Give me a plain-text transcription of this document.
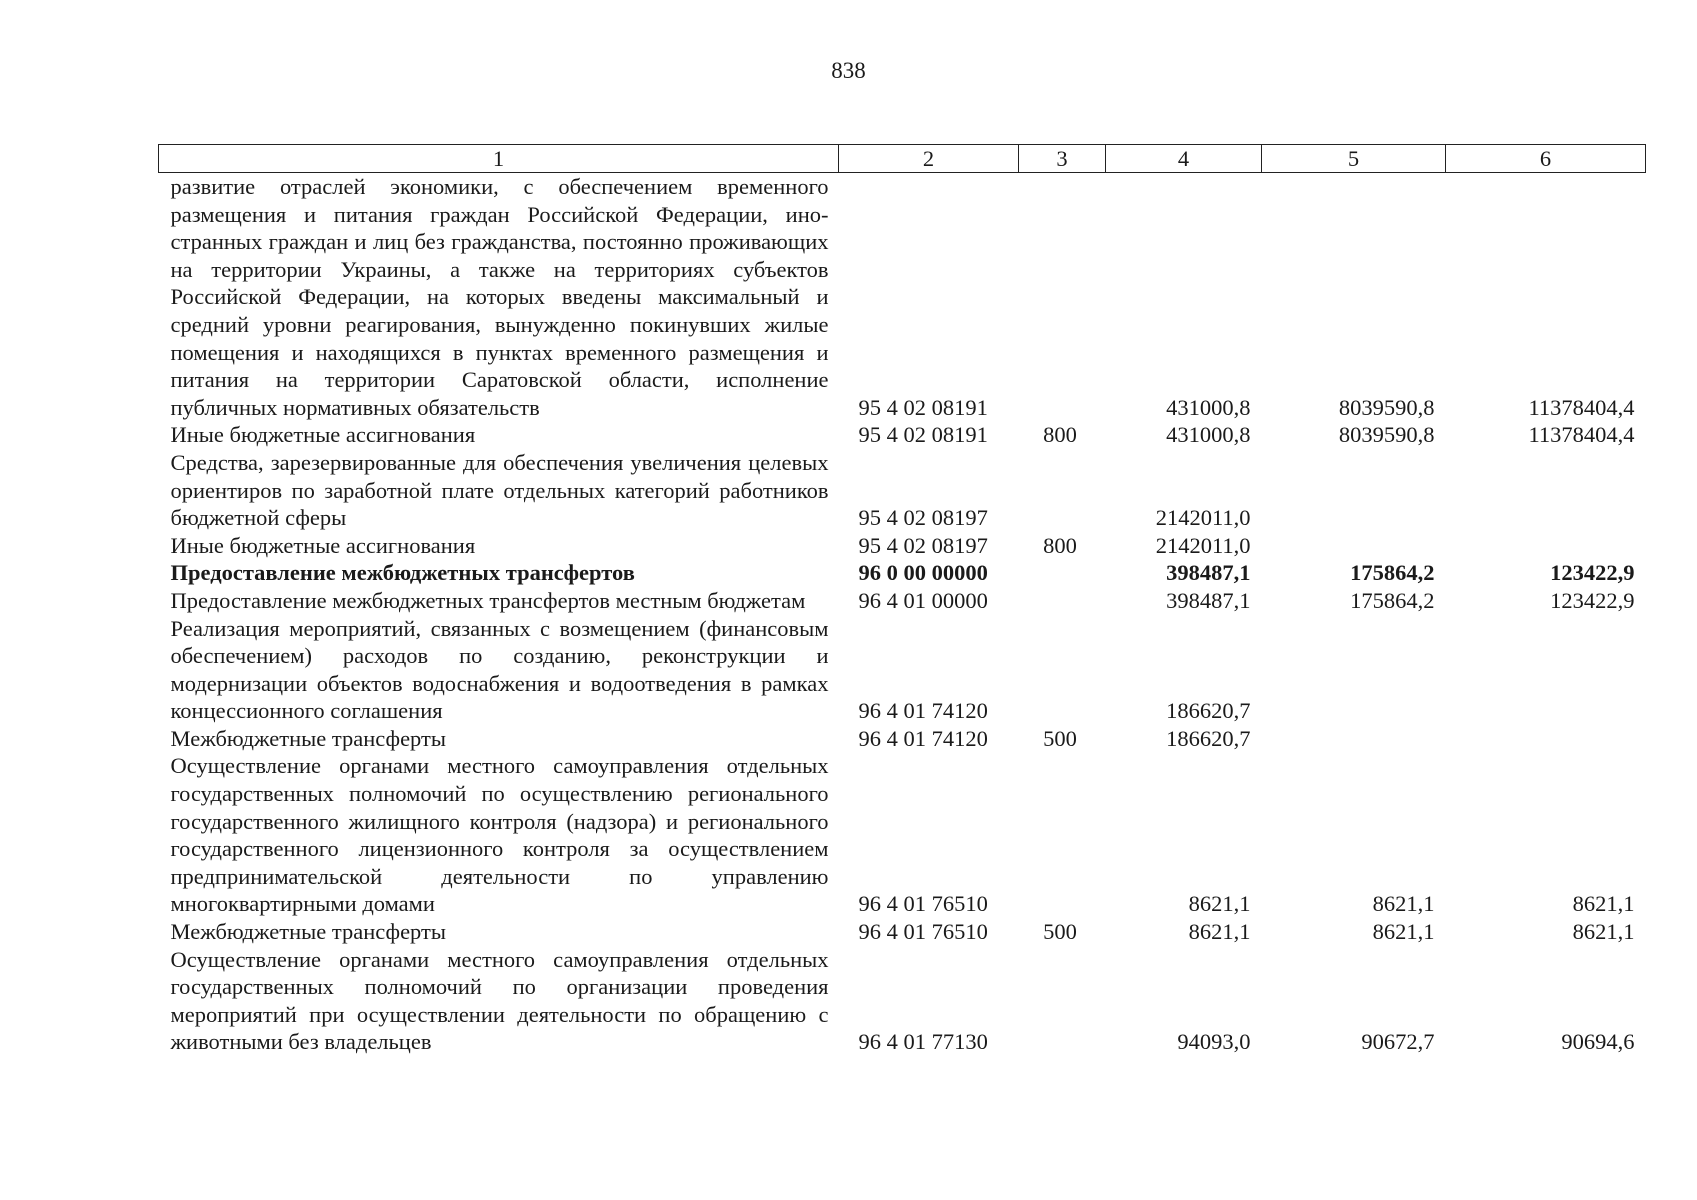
838
1	2	3	4	5	6
развитие отраслей экономики, с обеспечением временного размещения и питания граждан Российской Федерации, иностранных граждан и лиц без гражданства, постоянно проживающих на территории Украины, а также на территориях субъектов Российской Федерации, на которых введены максимальный и средний уровни реагирования, вынужденно покинувших жилые помещения и находящихся в пунктах временного размещения и питания на территории Саратовской области, исполнение публичных нормативных обязательств	95 4 02 08191		431000,8	8039590,8	11378404,4
Иные бюджетные ассигнования	95 4 02 08191	800	431000,8	8039590,8	11378404,4
Средства, зарезервированные для обеспечения увеличения целевых ориентиров по заработной плате отдельных категорий работников бюджетной сферы	95 4 02 08197		2142011,0		
Иные бюджетные ассигнования	95 4 02 08197	800	2142011,0		
Предоставление межбюджетных трансфертов	96 0 00 00000		398487,1	175864,2	123422,9
Предоставление межбюджетных трансфертов местным бюджетам	96 4 01 00000		398487,1	175864,2	123422,9
Реализация мероприятий, связанных с возмещением (финансовым обеспечением) расходов по созданию, реконструкции и модернизации объектов водоснабжения и водоотведения в рамках концессионного соглашения	96 4 01 74120		186620,7		
Межбюджетные трансферты	96 4 01 74120	500	186620,7		
Осуществление органами местного самоуправления отдельных государственных полномочий по осуществлению регионального государственного жилищного контроля (надзора) и регионального государственного лицензионного контроля за осуществлением предпринимательской деятельности по управлению многоквартирными домами	96 4 01 76510		8621,1	8621,1	8621,1
Межбюджетные трансферты	96 4 01 76510	500	8621,1	8621,1	8621,1
Осуществление органами местного самоуправления отдельных государственных полномочий по организации проведения мероприятий при осуществлении деятельности по обращению с животными без владельцев	96 4 01 77130		94093,0	90672,7	90694,6
